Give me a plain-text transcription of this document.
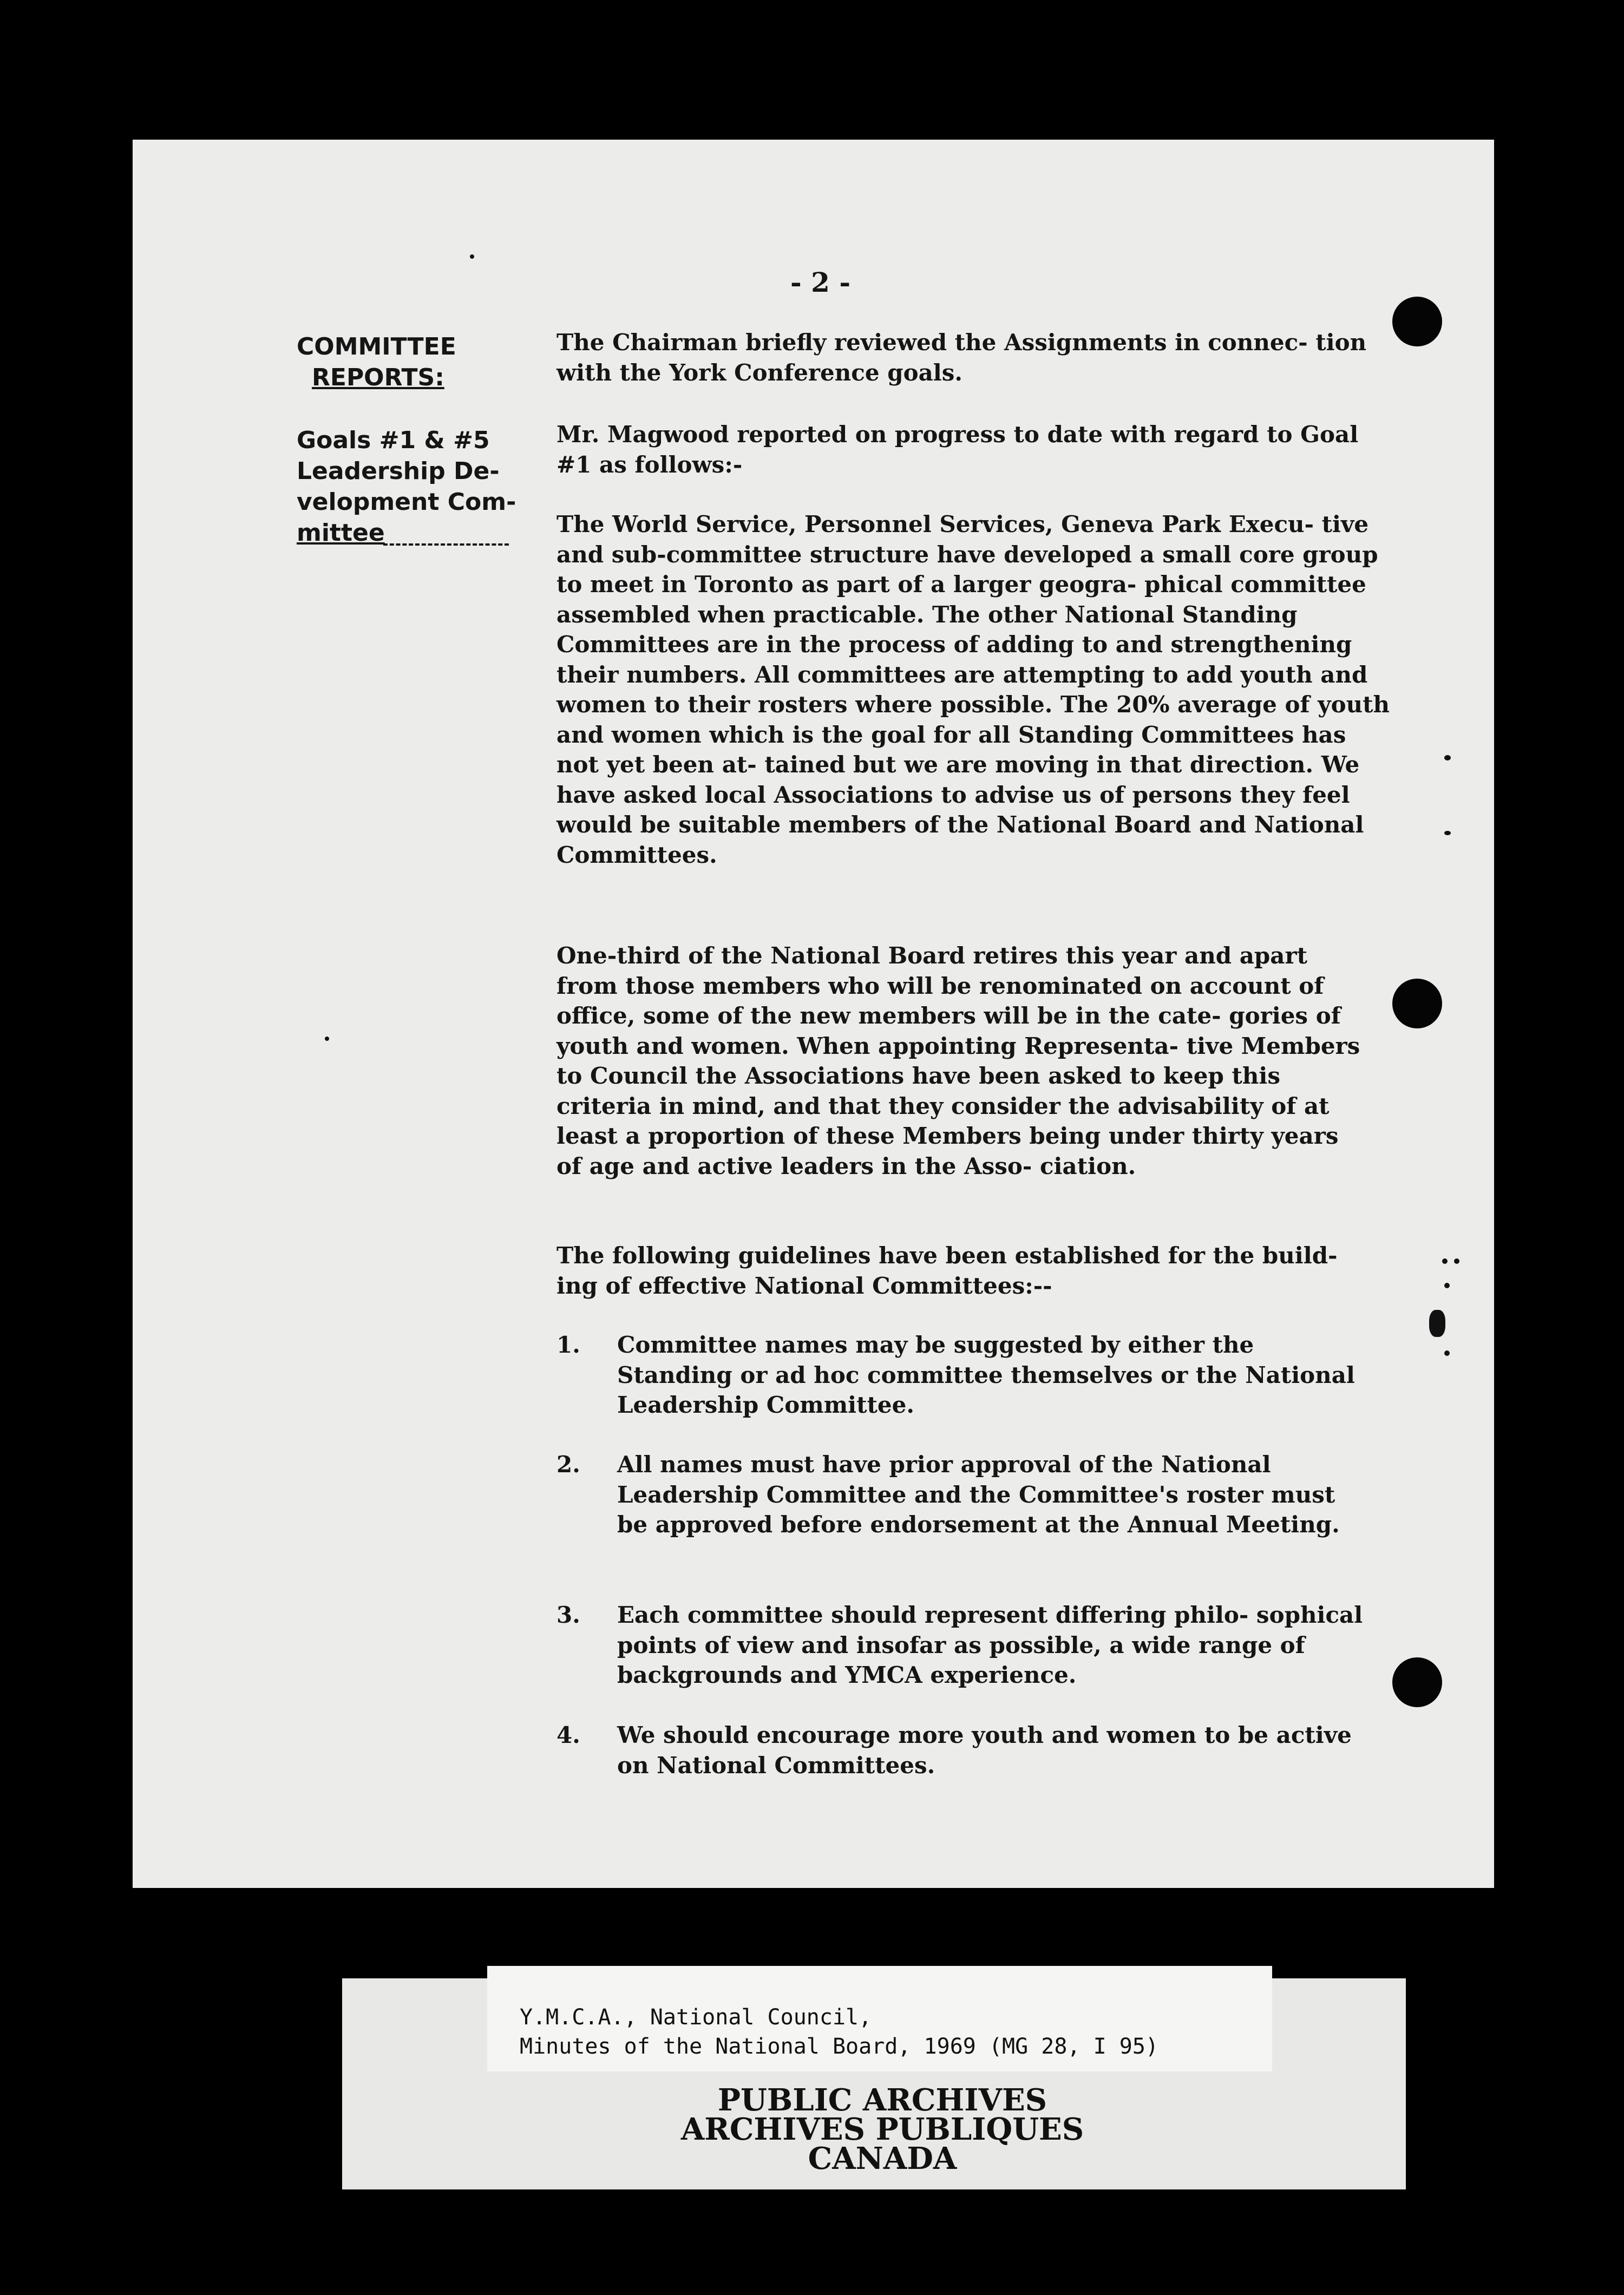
- 2 -
COMMITTEE
REPORTS:
Goals #1 & #5
Leadership De-
velopment Com-
mittee

The Chairman briefly reviewed the Assignments in connec- tion with the York Conference goals.

Mr. Magwood reported on progress to date with regard to Goal #1 as follows:-

The World Service, Personnel Services, Geneva Park Execu- tive and sub-committee structure have developed a small core group to meet in Toronto as part of a larger geogra- phical committee assembled when practicable. The other National Standing Committees are in the process of adding to and strengthening their numbers. All committees are attempting to add youth and women to their rosters where possible. The 20% average of youth and women which is the goal for all Standing Committees has not yet been at- tained but we are moving in that direction. We have asked local Associations to advise us of persons they feel would be suitable members of the National Board and National Committees.

One-third of the National Board retires this year and apart from those members who will be renominated on account of office, some of the new members will be in the cate- gories of youth and women. When appointing Representa- tive Members to Council the Associations have been asked to keep this criteria in mind, and that they consider the advisability of at least a proportion of these Members being under thirty years of age and active leaders in the Asso- ciation.

The following guidelines have been established for the build- ing of effective National Committees:--

1.	Committee names may be suggested by either the Standing or ad hoc committee themselves or the National Leadership Committee.
2.	All names must have prior approval of the National Leadership Committee and the Committee's roster must be approved before endorsement at the Annual Meeting.
3.	Each committee should represent differing philo- sophical points of view and insofar as possible, a wide range of backgrounds and YMCA experience.
4.	We should encourage more youth and women to be active on National Committees.
Y.M.C.A., National Council,
Minutes of the National Board, 1969 (MG 28, I 95)
PUBLIC ARCHIVES
ARCHIVES PUBLIQUES
CANADA
